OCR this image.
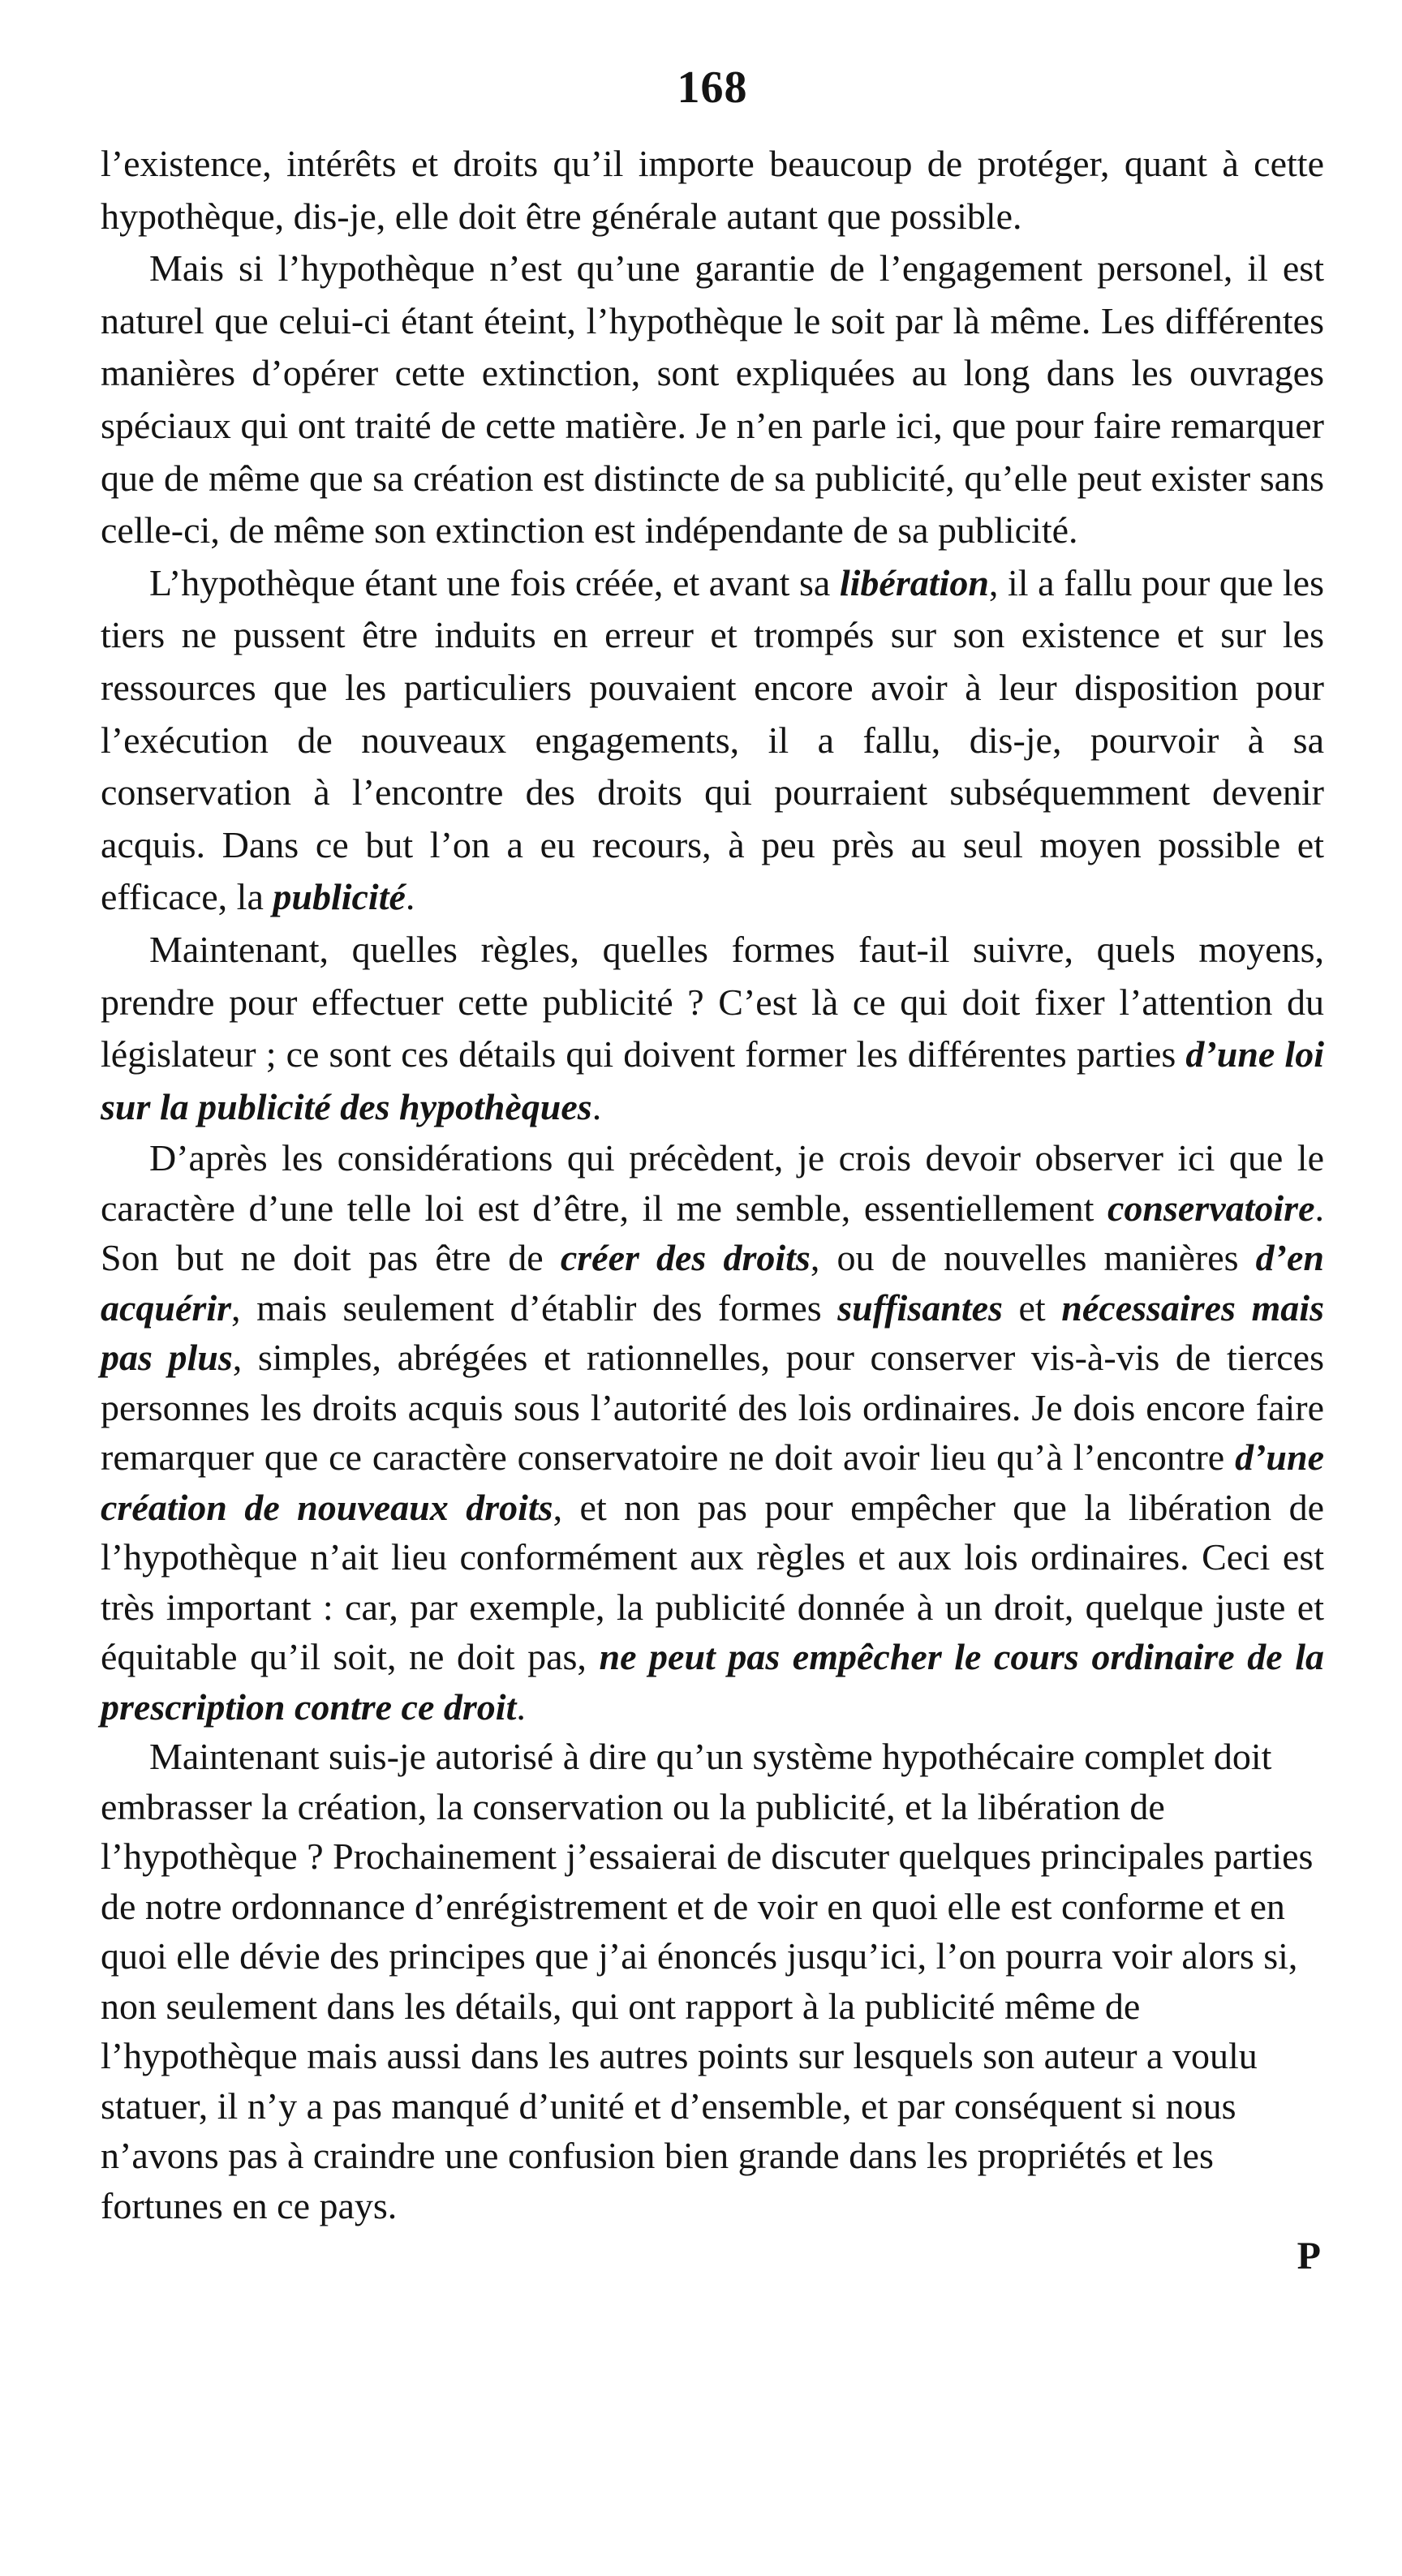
168

l’existence, intérêts et droits qu’il importe beaucoup de protéger, quant à cette hypothèque, dis-je, elle doit être générale autant que possible.

Mais si l’hypothèque n’est qu’une garantie de l’engagement personel, il est naturel que celui-ci étant éteint, l’hypothèque le soit par là même. Les différentes manières d’opérer cette extinction, sont expliquées au long dans les ouvrages spéciaux qui ont traité de cette matière. Je n’en parle ici, que pour faire remarquer que de même que sa création est distincte de sa publicité, qu’elle peut exister sans celle-ci, de même son extinction est indépendante de sa publicité.

L’hypothèque étant une fois créée, et avant sa libération, il a fallu pour que les tiers ne pussent être induits en erreur et trompés sur son existence et sur les ressources que les particuliers pouvaient encore avoir à leur disposition pour l’exécution de nouveaux engagements, il a fallu, dis-je, pourvoir à sa conservation à l’encontre des droits qui pourraient subséquemment devenir acquis. Dans ce but l’on a eu recours, à peu près au seul moyen possible et efficace, la publicité.

Maintenant, quelles règles, quelles formes faut-il suivre, quels moyens, prendre pour effectuer cette publicité ? C’est là ce qui doit fixer l’attention du législateur ; ce sont ces détails qui doivent former les différentes parties d’une loi sur la publicité des hypothèques.

D’après les considérations qui précèdent, je crois devoir observer ici que le caractère d’une telle loi est d’être, il me semble, essentiellement conservatoire. Son but ne doit pas être de créer des droits, ou de nouvelles manières d’en acquérir, mais seulement d’établir des formes suffisantes et nécessaires mais pas plus, simples, abrégées et rationnelles, pour conserver vis-à-vis de tierces personnes les droits acquis sous l’autorité des lois ordinaires. Je dois encore faire remarquer que ce caractère conservatoire ne doit avoir lieu qu’à l’encontre d’une création de nouveaux droits, et non pas pour empêcher que la libération de l’hypothèque n’ait lieu conformément aux règles et aux lois ordinaires. Ceci est très important : car, par exemple, la publicité donnée à un droit, quelque juste et équitable qu’il soit, ne doit pas, ne peut pas empêcher le cours ordinaire de la prescription contre ce droit.

Maintenant suis-je autorisé à dire qu’un système hypothécaire complet doit embrasser la création, la conservation ou la publicité, et la libération de l’hypothèque ? Prochainement j’essaierai de discuter quelques principales parties de notre ordonnance d’enrégistrement et de voir en quoi elle est conforme et en quoi elle dévie des principes que j’ai énoncés jusqu’ici, l’on pourra voir alors si, non seulement dans les détails, qui ont rapport à la publicité même de l’hypothèque mais aussi dans les autres points sur lesquels son auteur a voulu statuer, il n’y a pas manqué d’unité et d’ensemble, et par conséquent si nous n’avons pas à craindre une confusion bien grande dans les propriétés et les fortunes en ce pays.

P
